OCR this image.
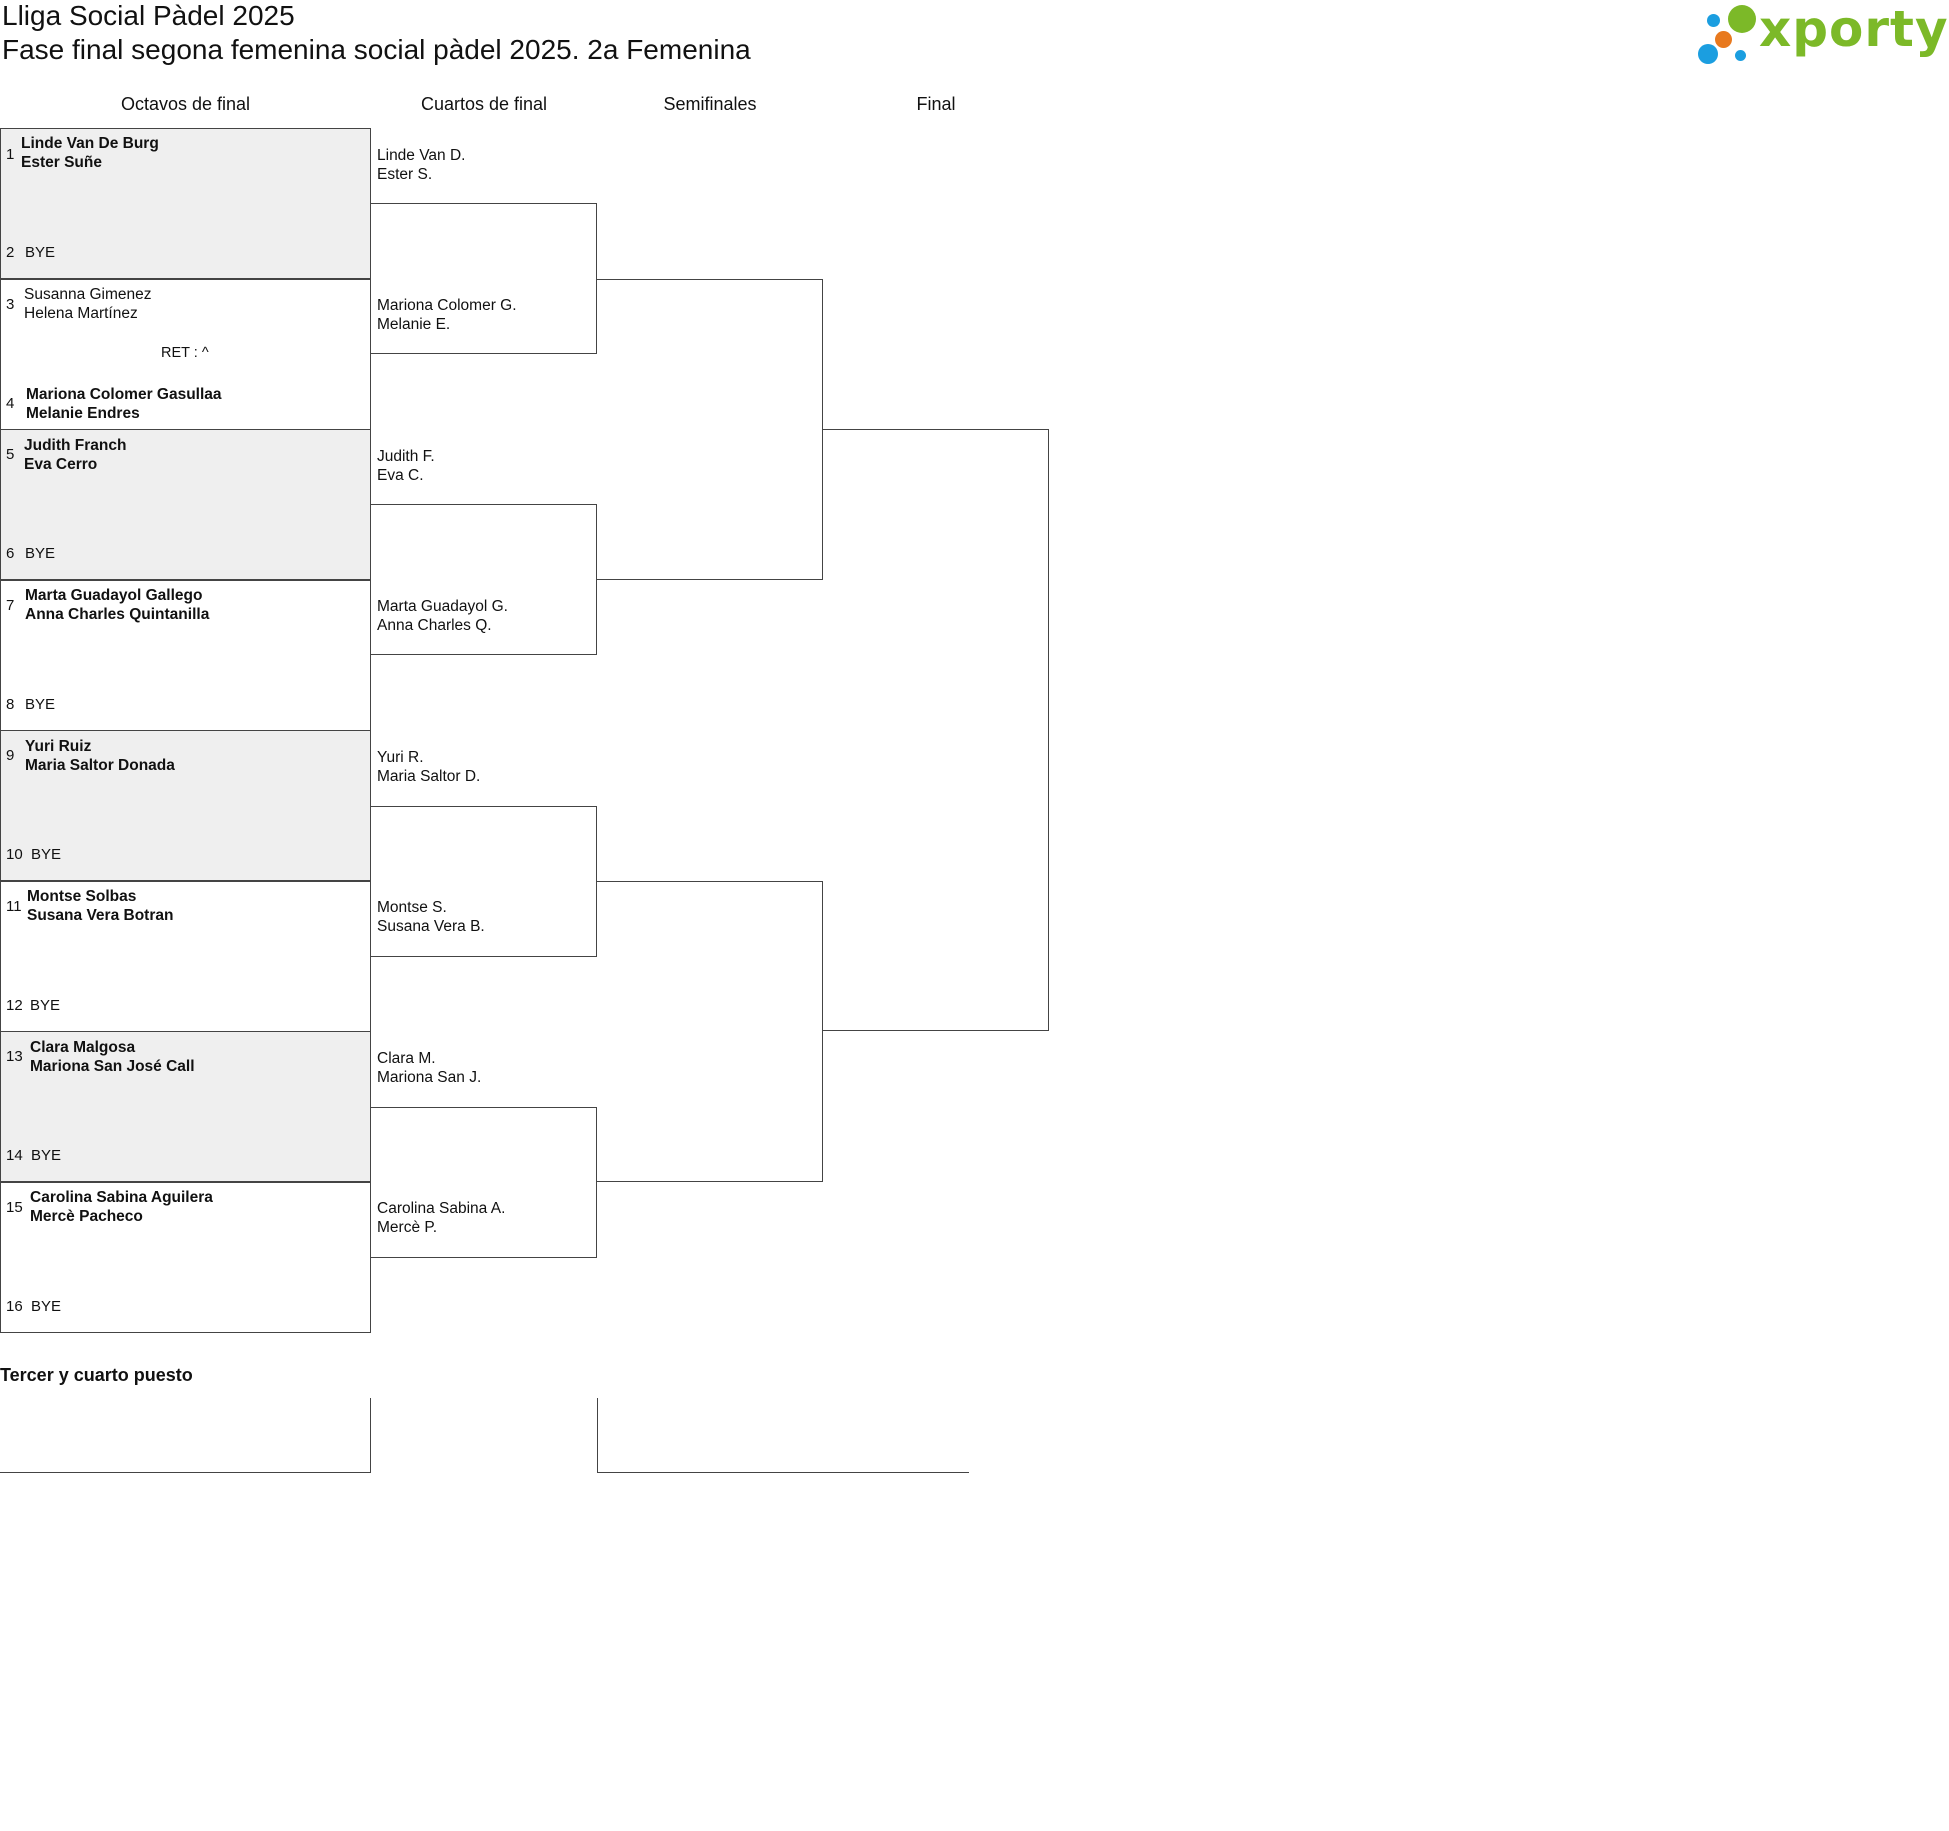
Lliga Social Pàdel 2025
Fase final segona femenina social pàdel 2025. 2a Femenina	xporty
Octavos de final	Cuartos de final	Semifinales	Final
1
Linde Van De Burg
Ester Suñe
2 BYE
3
Susanna Gimenez
Helena Martínez
RET : ^
4
Mariona Colomer Gasullaa
Melanie Endres
5
Judith Franch
Eva Cerro
6 BYE
7
Marta Guadayol Gallego
Anna Charles Quintanilla
8 BYE
9
Yuri Ruiz
Maria Saltor Donada
10 BYE
11
Montse Solbas
Susana Vera Botran
12 BYE
13
Clara Malgosa
Mariona San José Call
14 BYE
15
Carolina Sabina Aguilera
Mercè Pacheco
16 BYE
Linde Van D.
Ester S.
Mariona Colomer G.
Melanie E.
Judith F.
Eva C.
Marta Guadayol G.
Anna Charles Q.
Yuri R.
Maria Saltor D.
Montse S.
Susana Vera B.
Clara M.
Mariona San J.
Carolina Sabina A.
Mercè P.
Tercer y cuarto puesto
